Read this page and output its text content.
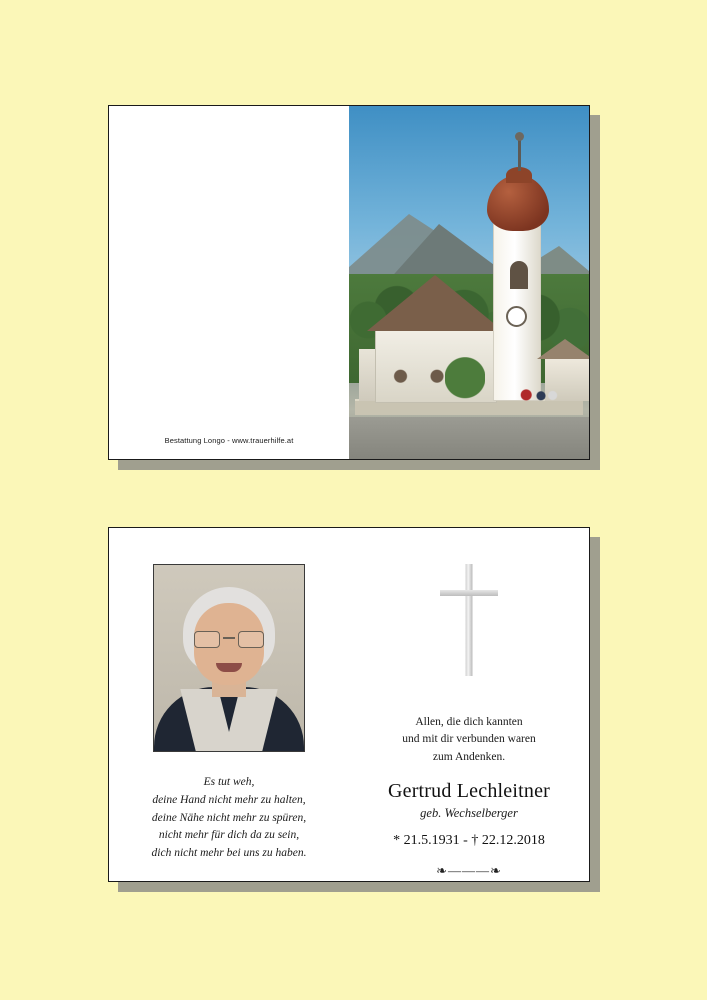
Bestattung Longo - www.trauerhilfe.at
Es tut weh,
deine Hand nicht mehr zu halten,
deine Nähe nicht mehr zu spüren,
nicht mehr für dich da zu sein,
dich nicht mehr bei uns zu haben.
Allen, die dich kannten
und mit dir verbunden waren
zum Andenken.
Gertrud Lechleitner
geb. Wechselberger
* 21.5.1931 - † 22.12.2018
❧———❧
